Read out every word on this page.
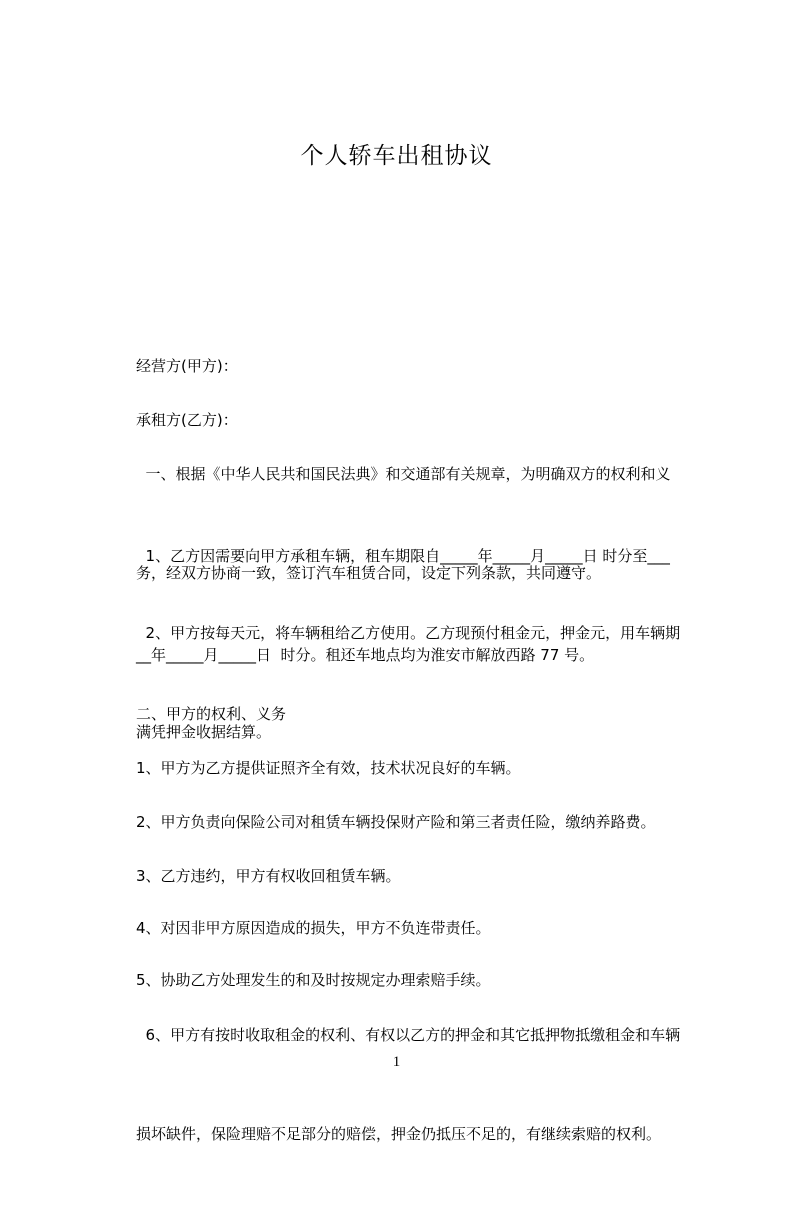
个人轿车出租协议

经营方(甲方)：

承租方(乙方)：

一、根据《中华人民共和国民法典》和交通部有关规章，为明确双方的权利和义

务，经双方协商一致，签订汽车租赁合同，设定下列条款，共同遵守。

1、乙方因需要向甲方承租车辆，租车期限自_____年_____月_____日 时分至___

__年_____月_____日  时分。租还车地点均为淮安市解放西路 77 号。

2、甲方按每天元，将车辆租给乙方使用。乙方现预付租金元，押金元，用车辆期

满凭押金收据结算。

二、甲方的权利、义务

1、甲方为乙方提供证照齐全有效，技术状况良好的车辆。

2、甲方负责向保险公司对租赁车辆投保财产险和第三者责任险，缴纳养路费。

3、乙方违约，甲方有权收回租赁车辆。

4、对因非甲方原因造成的损失，甲方不负连带责任。

5、协助乙方处理发生的和及时按规定办理索赔手续。

6、甲方有按时收取租金的权利、有权以乙方的押金和其它抵押物抵缴租金和车辆

损坏缺件，保险理赔不足部分的赔偿，押金仍抵压不足的，有继续索赔的权利。

1
